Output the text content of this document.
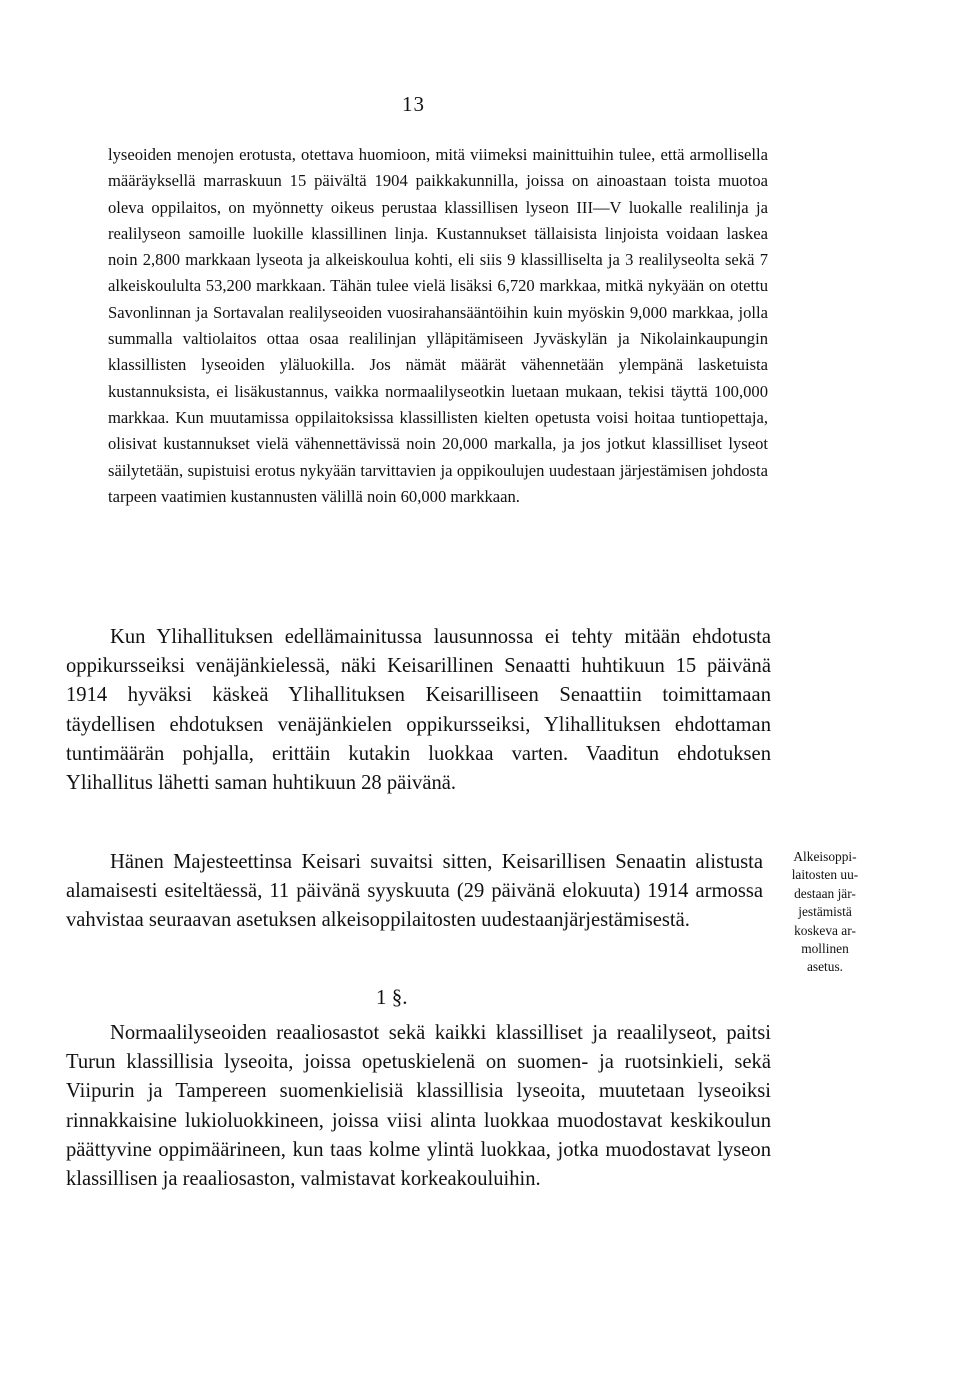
13

lyseoiden menojen erotusta, otettava huomioon, mitä viimeksi mainittuihin tulee, että armollisella määräyksellä marraskuun 15 päivältä 1904 paikkakunnilla, joissa on ainoastaan toista muotoa oleva oppilaitos, on myönnetty oikeus perustaa klassillisen lyseon III—V luokalle realilinja ja realilyseon samoille luokille klassillinen linja. Kustannukset tällaisista linjoista voidaan laskea noin 2,800 markkaan lyseota ja alkeiskoulua kohti, eli siis 9 klassilliselta ja 3 realilyseolta sekä 7 alkeiskoululta 53,200 markkaan. Tähän tulee vielä lisäksi 6,720 markkaa, mitkä nykyään on otettu Savonlinnan ja Sortavalan realilyseoiden vuosirahansääntöihin kuin myöskin 9,000 markkaa, jolla summalla valtiolaitos ottaa osaa realilinjan ylläpitämiseen Jyväskylän ja Nikolainkaupungin klassillisten lyseoiden yläluokilla. Jos nämät määrät vähennetään ylempänä lasketuista kustannuksista, ei lisäkustannus, vaikka normaalilyseotkin luetaan mukaan, tekisi täyttä 100,000 markkaa. Kun muutamissa oppilaitoksissa klassillisten kielten opetusta voisi hoitaa tuntiopettaja, olisivat kustannukset vielä vähennettävissä noin 20,000 markalla, ja jos jotkut klassilliset lyseot säilytetään, supistuisi erotus nykyään tarvittavien ja oppikoulujen uudestaan järjestämisen johdosta tarpeen vaatimien kustannusten välillä noin 60,000 markkaan.

Kun Ylihallituksen edellämainitussa lausunnossa ei tehty mitään ehdotusta oppikursseiksi venäjänkielessä, näki Keisarillinen Senaatti huhtikuun 15 päivänä 1914 hyväksi käskeä Ylihallituksen Keisarilliseen Senaattiin toimittamaan täydellisen ehdotuksen venäjänkielen oppikursseiksi, Ylihallituksen ehdottaman tuntimäärän pohjalla, erittäin kutakin luokkaa varten. Vaaditun ehdotuksen Ylihallitus lähetti saman huhtikuun 28 päivänä.

Hänen Majesteettinsa Keisari suvaitsi sitten, Keisarillisen Senaatin alistusta alamaisesti esiteltäessä, 11 päivänä syyskuuta (29 päivänä elokuuta) 1914 armossa vahvistaa seuraavan asetuksen alkeisoppilaitosten uudestaanjärjestämisestä.

Alkeisoppi-
laitosten uu-
destaan jär-
jestämistä
koskeva ar-
mollinen
asetus.
1 §.

Normaalilyseoiden reaaliosastot sekä kaikki klassilliset ja reaalilyseot, paitsi Turun klassillisia lyseoita, joissa opetuskielenä on suomen- ja ruotsinkieli, sekä Viipurin ja Tampereen suomenkielisiä klassillisia lyseoita, muutetaan lyseoiksi rinnakkaisine lukioluokkineen, joissa viisi alinta luokkaa muodostavat keskikoulun päättyvine oppimäärineen, kun taas kolme ylintä luokkaa, jotka muodostavat lyseon klassillisen ja reaaliosaston, valmistavat korkeakouluihin.
